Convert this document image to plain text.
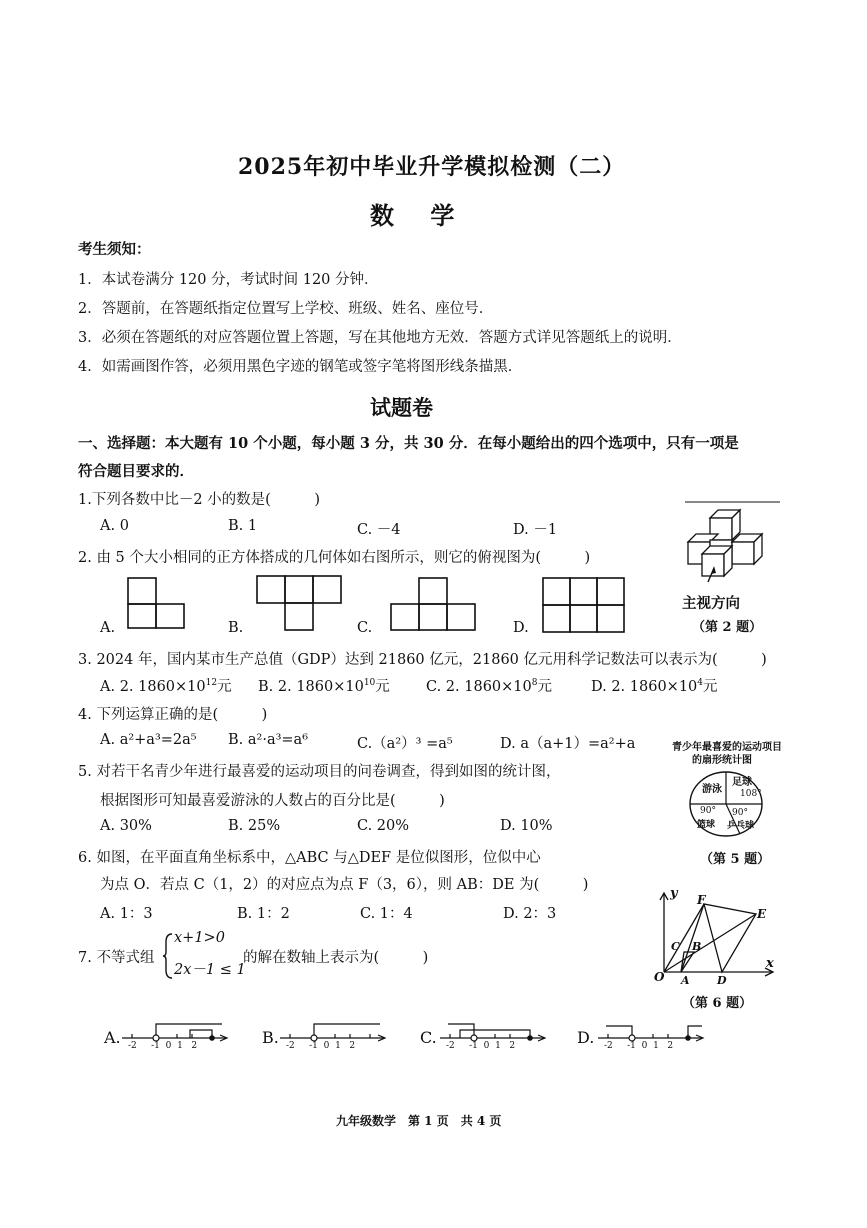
2025年初中毕业升学模拟检测（二）
数 学
考生须知：
1．本试卷满分 120 分，考试时间 120 分钟．
2．答题前，在答题纸指定位置写上学校、班级、姓名、座位号．
3．必须在答题纸的对应答题位置上答题，写在其他地方无效．答题方式详见答题纸上的说明．
4．如需画图作答，必须用黑色字迹的钢笔或签字笔将图形线条描黑．
试题卷
一、选择题：本大题有 10 个小题，每小题 3 分，共 30 分．在每小题给出的四个选项中，只有一项是
符合题目要求的．
1.下列各数中比－2 小的数是(　　　)
A. 0	B. 1	C. －4	D. －1
2. 由 5 个大小相同的正方体搭成的几何体如右图所示，则它的俯视图为(　　　)
A.	B.	C.	D.
主视方向
（第 2 题）
3. 2024 年，国内某市生产总值（GDP）达到 21860 亿元，21860 亿元用科学记数法可以表示为(　　　)
A. 2. $1860\times 10^{12}$元 B. 2. $1860\times 10^{10}$元 C. 2. $1860\times 10^8$元	D. 2. $1860\times 10^4$元
4. 下列运算正确的是(　　　)
A. a²+a³=2a⁵ B. a²·a³=a⁶	C.（a²）³ =a⁵	D. a（a+1）=a²+a
5. 对若干名青少年进行最喜爱的运动项目的问卷调查，得到如图的统计图，
根据图形可知最喜爱游泳的人数占的百分比是(　　　)
A. 30%	B. 25%	C. 20%	D. 10%
青少年最喜爱的运动项目
的扇形统计图
游泳
足球
108°
90°
篮球
90°
乒乓球
（第 5 题）
6. 如图，在平面直角坐标系中，△ABC 与△DEF 是位似图形，位似中心
为点 O．若点 C（1，2）的对应点为点 F（3，6），则 AB：DE 为(　　　)
A. 1：3	B. 1：2	C. 1：4	D. 2：3
y F
E
C B
O A D
x
（第 6 题）
7. 不等式组
x+1>0
2x－1 ≤ 1
的解在数轴上表示为(　　　)
A. -2 -1 0 1 2	B. -2 -1 0 1 2	C. -2 -1 0 1 2	D. -2 -1 0 1 2
九年级数学　第 1 页　共 4 页
